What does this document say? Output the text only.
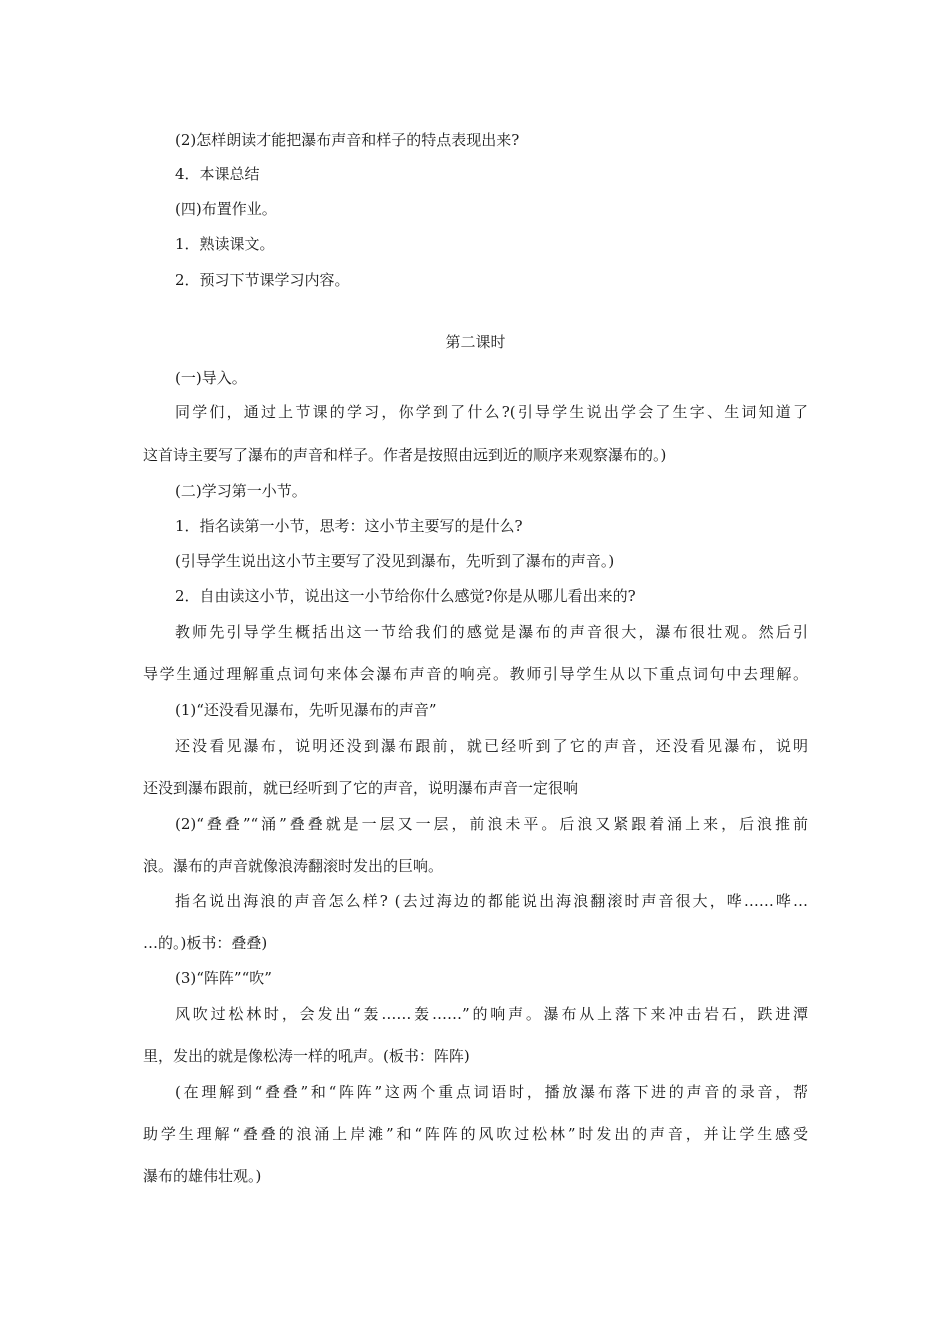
(2)怎样朗读才能把瀑布声音和样子的特点表现出来?
4．本课总结
(四)布置作业。
1．熟读课文。
2．预习下节课学习内容。
第二课时
(一)导入。
同学们，通过上节课的学习，你学到了什么?(引导学生说出学会了生字、生词知道了
这首诗主要写了瀑布的声音和样子。作者是按照由远到近的顺序来观察瀑布的。)
(二)学习第一小节。
1．指名读第一小节，思考：这小节主要写的是什么?
(引导学生说出这小节主要写了没见到瀑布，先听到了瀑布的声音。)
2．自由读这小节，说出这一小节给你什么感觉?你是从哪儿看出来的?
教师先引导学生概括出这一节给我们的感觉是瀑布的声音很大，瀑布很壮观。然后引
导学生通过理解重点词句来体会瀑布声音的响亮。教师引导学生从以下重点词句中去理解。
(1)“还没看见瀑布，先听见瀑布的声音”
还没看见瀑布，说明还没到瀑布跟前，就已经听到了它的声音，还没看见瀑布，说明
还没到瀑布跟前，就已经听到了它的声音，说明瀑布声音一定很响
(2)“叠叠”“涌”叠叠就是一层又一层，前浪未平。后浪又紧跟着涌上来，后浪推前
浪。瀑布的声音就像浪涛翻滚时发出的巨响。
指名说出海浪的声音怎么样? (去过海边的都能说出海浪翻滚时声音很大，哗……哗…
…的。)板书：叠叠)
(3)“阵阵”“吹”
风吹过松林时，会发出“轰……轰……”的响声。瀑布从上落下来冲击岩石，跌进潭
里，发出的就是像松涛一样的吼声。(板书：阵阵)
(在理解到“叠叠”和“阵阵”这两个重点词语时，播放瀑布落下进的声音的录音，帮
助学生理解“叠叠的浪涌上岸滩”和“阵阵的风吹过松林”时发出的声音，并让学生感受
瀑布的雄伟壮观。)
